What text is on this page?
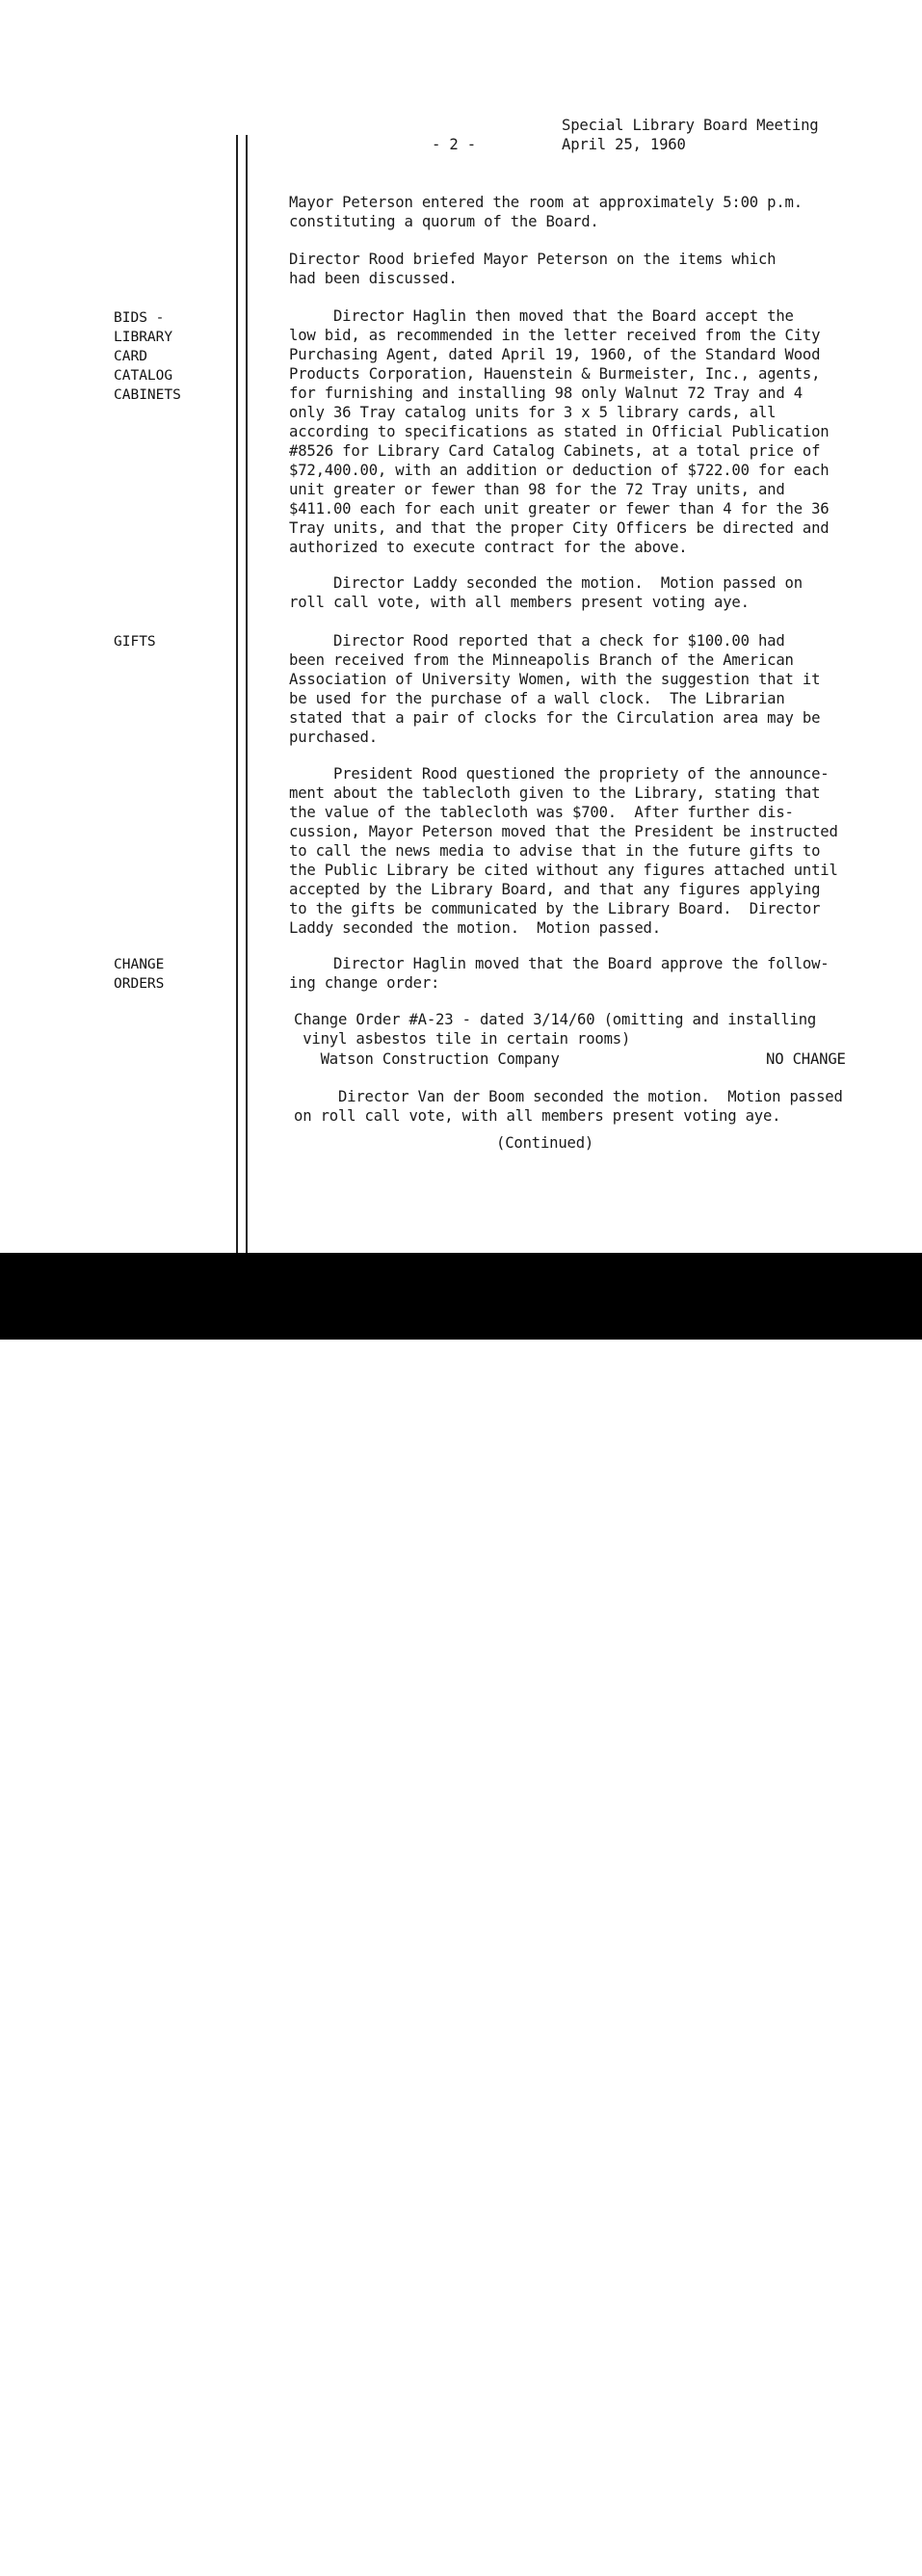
- 2 -
Special Library Board Meeting
April 25, 1960
BIDS -
LIBRARY
CARD
CATALOG
CABINETS
GIFTS
CHANGE
ORDERS
Mayor Peterson entered the room at approximately 5:00 p.m.
constituting a quorum of the Board.
Director Rood briefed Mayor Peterson on the items which
had been discussed.
Director Haglin then moved that the Board accept the
low bid, as recommended in the letter received from the City
Purchasing Agent, dated April 19, 1960, of the Standard Wood
Products Corporation, Hauenstein & Burmeister, Inc., agents,
for furnishing and installing 98 only Walnut 72 Tray and 4
only 36 Tray catalog units for 3 x 5 library cards, all
according to specifications as stated in Official Publication
#8526 for Library Card Catalog Cabinets, at a total price of
$72,400.00, with an addition or deduction of $722.00 for each
unit greater or fewer than 98 for the 72 Tray units, and
$411.00 each for each unit greater or fewer than 4 for the 36
Tray units, and that the proper City Officers be directed and
authorized to execute contract for the above.
Director Laddy seconded the motion.  Motion passed on
roll call vote, with all members present voting aye.
Director Rood reported that a check for $100.00 had
been received from the Minneapolis Branch of the American
Association of University Women, with the suggestion that it
be used for the purchase of a wall clock.  The Librarian
stated that a pair of clocks for the Circulation area may be
purchased.
President Rood questioned the propriety of the announce-
ment about the tablecloth given to the Library, stating that
the value of the tablecloth was $700.  After further dis-
cussion, Mayor Peterson moved that the President be instructed
to call the news media to advise that in the future gifts to
the Public Library be cited without any figures attached until
accepted by the Library Board, and that any figures applying
to the gifts be communicated by the Library Board.  Director
Laddy seconded the motion.  Motion passed.
Director Haglin moved that the Board approve the follow-
ing change order:
Change Order #A-23 - dated 3/14/60 (omitting and installing
vinyl asbestos tile in certain rooms)
Watson Construction Company	NO CHANGE
Director Van der Boom seconded the motion.  Motion passed
on roll call vote, with all members present voting aye.
(Continued)
alamy	3A5NGYB
www.alamy.com
